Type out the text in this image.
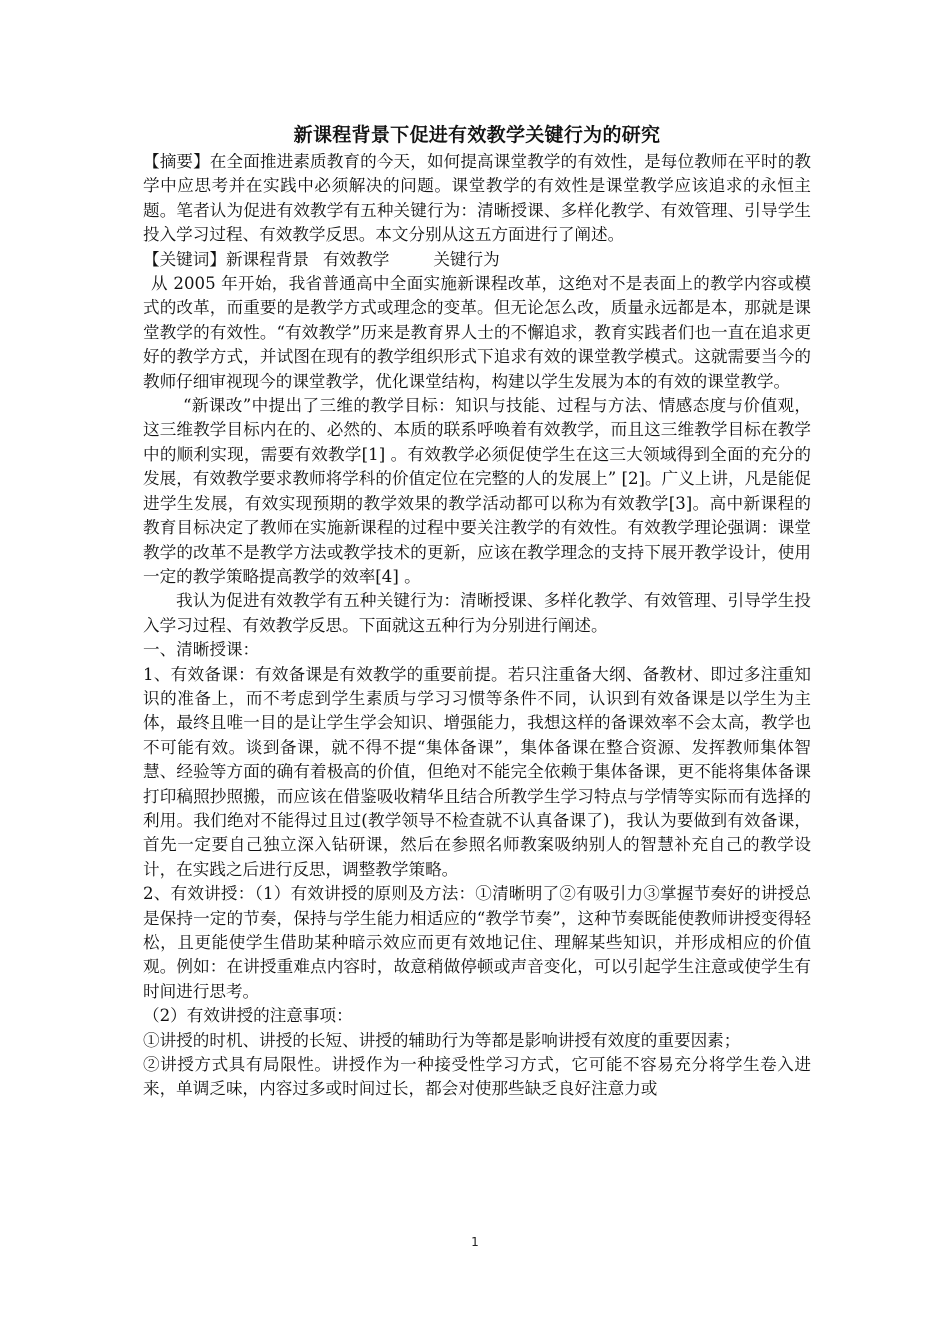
新课程背景下促进有效教学关键行为的研究

【摘要】在全面推进素质教育的今天，如何提高课堂教学的有效性，是每位教师在平时的教学中应思考并在实践中必须解决的问题。课堂教学的有效性是课堂教学应该追求的永恒主题。笔者认为促进有效教学有五种关键行为：清晰授课、多样化教学、有效管理、引导学生投入学习过程、有效教学反思。本文分别从这五方面进行了阐述。

【关键词】新课程背景 有效教学	关键行为

从 2005 年开始，我省普通高中全面实施新课程改革，这绝对不是表面上的教学内容或模式的改革，而重要的是教学方式或理念的变革。但无论怎么改，质量永远都是本，那就是课堂教学的有效性。“有效教学”历来是教育界人士的不懈追求，教育实践者们也一直在追求更好的教学方式，并试图在现有的教学组织形式下追求有效的课堂教学模式。这就需要当今的教师仔细审视现今的课堂教学，优化课堂结构，构建以学生发展为本的有效的课堂教学。

“新课改”中提出了三维的教学目标：知识与技能、过程与方法、情感态度与价值观，这三维教学目标内在的、必然的、本质的联系呼唤着有效教学，而且这三维教学目标在教学中的顺利实现，需要有效教学[1] 。有效教学必须促使学生在这三大领域得到全面的充分的发展，有效教学要求教师将学科的价值定位在完整的人的发展上” [2]。广义上讲，凡是能促进学生发展，有效实现预期的教学效果的教学活动都可以称为有效教学[3]。高中新课程的教育目标决定了教师在实施新课程的过程中要关注教学的有效性。有效教学理论强调：课堂教学的改革不是教学方法或教学技术的更新，应该在教学理念的支持下展开教学设计，使用一定的教学策略提高教学的效率[4] 。

我认为促进有效教学有五种关键行为：清晰授课、多样化教学、有效管理、引导学生投入学习过程、有效教学反思。下面就这五种行为分别进行阐述。

一、清晰授课：

1、有效备课：有效备课是有效教学的重要前提。若只注重备大纲、备教材、即过多注重知识的准备上，而不考虑到学生素质与学习习惯等条件不同，认识到有效备课是以学生为主体，最终且唯一目的是让学生学会知识、增强能力，我想这样的备课效率不会太高，教学也不可能有效。谈到备课，就不得不提“集体备课”，集体备课在整合资源、发挥教师集体智慧、经验等方面的确有着极高的价值，但绝对不能完全依赖于集体备课，更不能将集体备课打印稿照抄照搬，而应该在借鉴吸收精华且结合所教学生学习特点与学情等实际而有选择的利用。我们绝对不能得过且过(教学领导不检查就不认真备课了)，我认为要做到有效备课，首先一定要自己独立深入钻研课，然后在参照名师教案吸纳别人的智慧补充自己的教学设计，在实践之后进行反思，调整教学策略。

2、有效讲授：（1）有效讲授的原则及方法：①清晰明了②有吸引力③掌握节奏好的讲授总是保持一定的节奏，保持与学生能力相适应的“教学节奏”，这种节奏既能使教师讲授变得轻松，且更能使学生借助某种暗示效应而更有效地记住、理解某些知识，并形成相应的价值观。例如：在讲授重难点内容时，故意稍做停顿或声音变化，可以引起学生注意或使学生有时间进行思考。

（2）有效讲授的注意事项：

①讲授的时机、讲授的长短、讲授的辅助行为等都是影响讲授有效度的重要因素；

②讲授方式具有局限性。讲授作为一种接受性学习方式，它可能不容易充分将学生卷入进来，单调乏味，内容过多或时间过长，都会对使那些缺乏良好注意力或

1
